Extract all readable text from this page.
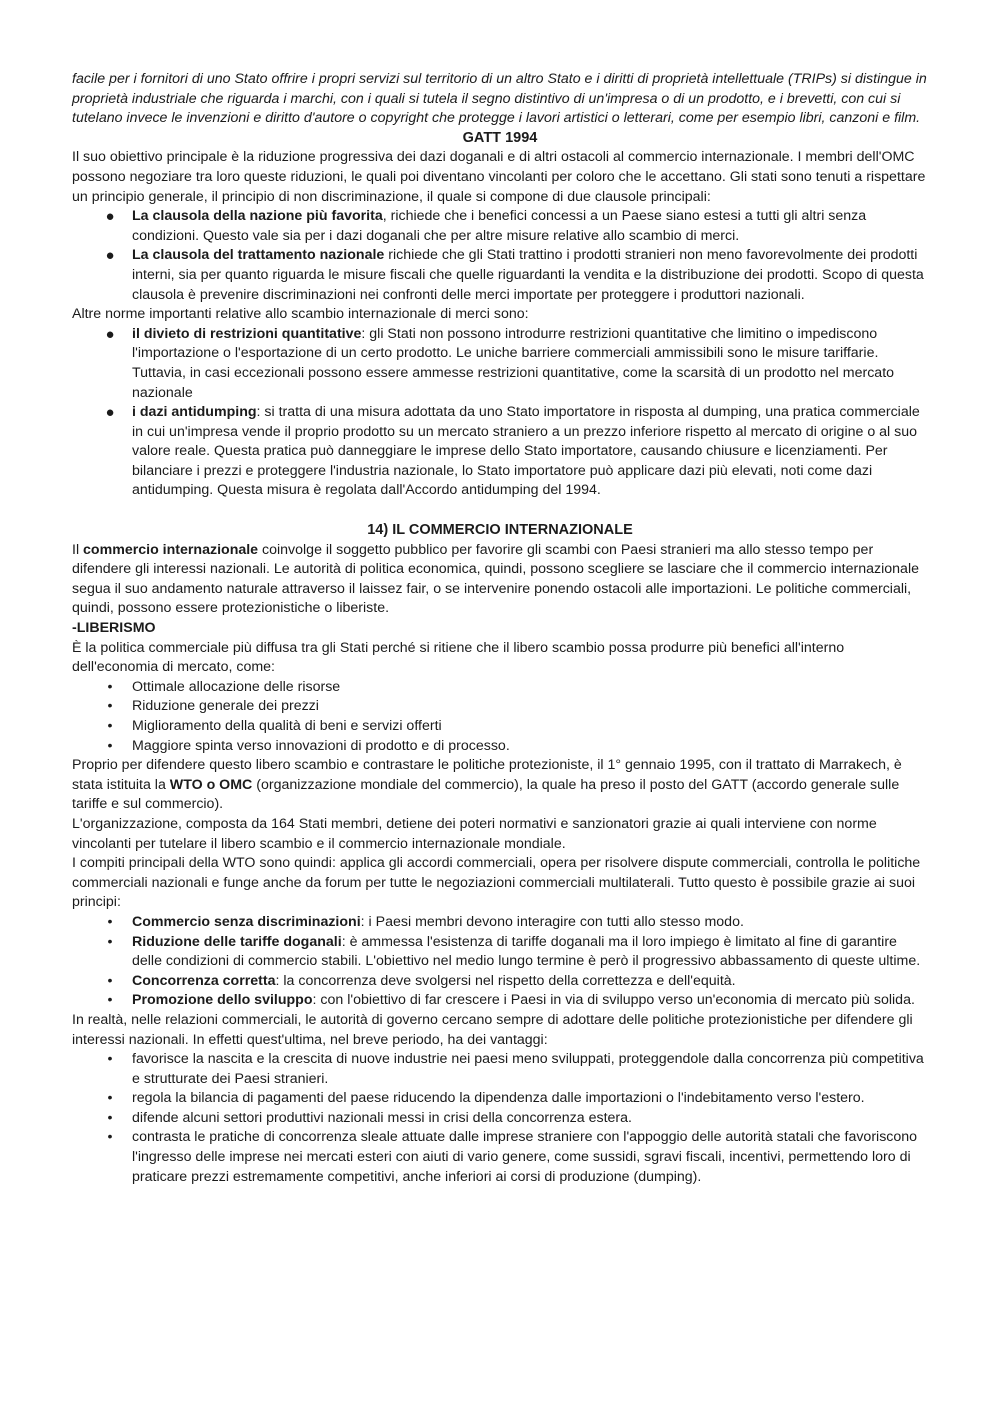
facile per i fornitori di uno Stato offrire i propri servizi sul territorio di un altro Stato e i diritti di proprietà intellettuale (TRIPs) si distingue in proprietà industriale che riguarda i marchi, con i quali si tutela il segno distintivo di un'impresa o di un prodotto, e i brevetti, con cui si tutelano invece le invenzioni e diritto d'autore o copyright che protegge i lavori artistici o letterari, come per esempio libri, canzoni e film.

GATT 1994

Il suo obiettivo principale è la riduzione progressiva dei dazi doganali e di altri ostacoli al commercio internazionale. I membri dell'OMC possono negoziare tra loro queste riduzioni, le quali poi diventano vincolanti per coloro che le accettano. Gli stati sono tenuti a rispettare un principio generale, il principio di non discriminazione, il quale si compone di due clausole principali:

●	La clausola della nazione più favorita, richiede che i benefici concessi a un Paese siano estesi a tutti gli altri senza condizioni. Questo vale sia per i dazi doganali che per altre misure relative allo scambio di merci.
●	La clausola del trattamento nazionale richiede che gli Stati trattino i prodotti stranieri non meno favorevolmente dei prodotti interni, sia per quanto riguarda le misure fiscali che quelle riguardanti la vendita e la distribuzione dei prodotti. Scopo di questa clausola è prevenire discriminazioni nei confronti delle merci importate per proteggere i produttori nazionali.

Altre norme importanti relative allo scambio internazionale di merci sono:

●	il divieto di restrizioni quantitative: gli Stati non possono introdurre restrizioni quantitative che limitino o impediscono l'importazione o l'esportazione di un certo prodotto. Le uniche barriere commerciali ammissibili sono le misure tariffarie. Tuttavia, in casi eccezionali possono essere ammesse restrizioni quantitative, come la scarsità di un prodotto nel mercato nazionale
●	i dazi antidumping: si tratta di una misura adottata da uno Stato importatore in risposta al dumping, una pratica commerciale in cui un'impresa vende il proprio prodotto su un mercato straniero a un prezzo inferiore rispetto al mercato di origine o al suo valore reale. Questa pratica può danneggiare le imprese dello Stato importatore, causando chiusure e licenziamenti. Per bilanciare i prezzi e proteggere l'industria nazionale, lo Stato importatore può applicare dazi più elevati, noti come dazi antidumping. Questa misura è regolata dall'Accordo antidumping del 1994.

14) IL COMMERCIO INTERNAZIONALE

Il commercio internazionale coinvolge il soggetto pubblico per favorire gli scambi con Paesi stranieri ma allo stesso tempo per difendere gli interessi nazionali. Le autorità di politica economica, quindi, possono scegliere se lasciare che il commercio internazionale segua il suo andamento naturale attraverso il laissez fair, o se intervenire ponendo ostacoli alle importazioni. Le politiche commerciali, quindi, possono essere protezionistiche o liberiste.

-LIBERISMO

È la politica commerciale più diffusa tra gli Stati perché si ritiene che il libero scambio possa produrre più benefici all'interno dell'economia di mercato, come:

•	Ottimale allocazione delle risorse
•	Riduzione generale dei prezzi
•	Miglioramento della qualità di beni e servizi offerti
•	Maggiore spinta verso innovazioni di prodotto e di processo.

Proprio per difendere questo libero scambio e contrastare le politiche protezioniste, il 1° gennaio 1995, con il trattato di Marrakech, è stata istituita la WTO o OMC (organizzazione mondiale del commercio), la quale ha preso il posto del GATT (accordo generale sulle tariffe e sul commercio).

L'organizzazione, composta da 164 Stati membri, detiene dei poteri normativi e sanzionatori grazie ai quali interviene con norme vincolanti per tutelare il libero scambio e il commercio internazionale mondiale.

I compiti principali della WTO sono quindi: applica gli accordi commerciali, opera per risolvere dispute commerciali, controlla le politiche commerciali nazionali e funge anche da forum per tutte le negoziazioni commerciali multilaterali. Tutto questo è possibile grazie ai suoi principi:

•	Commercio senza discriminazioni: i Paesi membri devono interagire con tutti allo stesso modo.
•	Riduzione delle tariffe doganali: è ammessa l'esistenza di tariffe doganali ma il loro impiego è limitato al fine di garantire delle condizioni di commercio stabili. L'obiettivo nel medio lungo termine è però il progressivo abbassamento di queste ultime.
•	Concorrenza corretta: la concorrenza deve svolgersi nel rispetto della correttezza e dell'equità.
•	Promozione dello sviluppo: con l'obiettivo di far crescere i Paesi in via di sviluppo verso un'economia di mercato più solida.

In realtà, nelle relazioni commerciali, le autorità di governo cercano sempre di adottare delle politiche protezionistiche per difendere gli interessi nazionali. In effetti quest'ultima, nel breve periodo, ha dei vantaggi:

•	favorisce la nascita e la crescita di nuove industrie nei paesi meno sviluppati, proteggendole dalla concorrenza più competitiva e strutturate dei Paesi stranieri.
•	regola la bilancia di pagamenti del paese riducendo la dipendenza dalle importazioni o l'indebitamento verso l'estero.
•	difende alcuni settori produttivi nazionali messi in crisi della concorrenza estera.
•	contrasta le pratiche di concorrenza sleale attuate dalle imprese straniere con l'appoggio delle autorità statali che favoriscono l'ingresso delle imprese nei mercati esteri con aiuti di vario genere, come sussidi, sgravi fiscali, incentivi, permettendo loro di praticare prezzi estremamente competitivi, anche inferiori ai corsi di produzione (dumping).
